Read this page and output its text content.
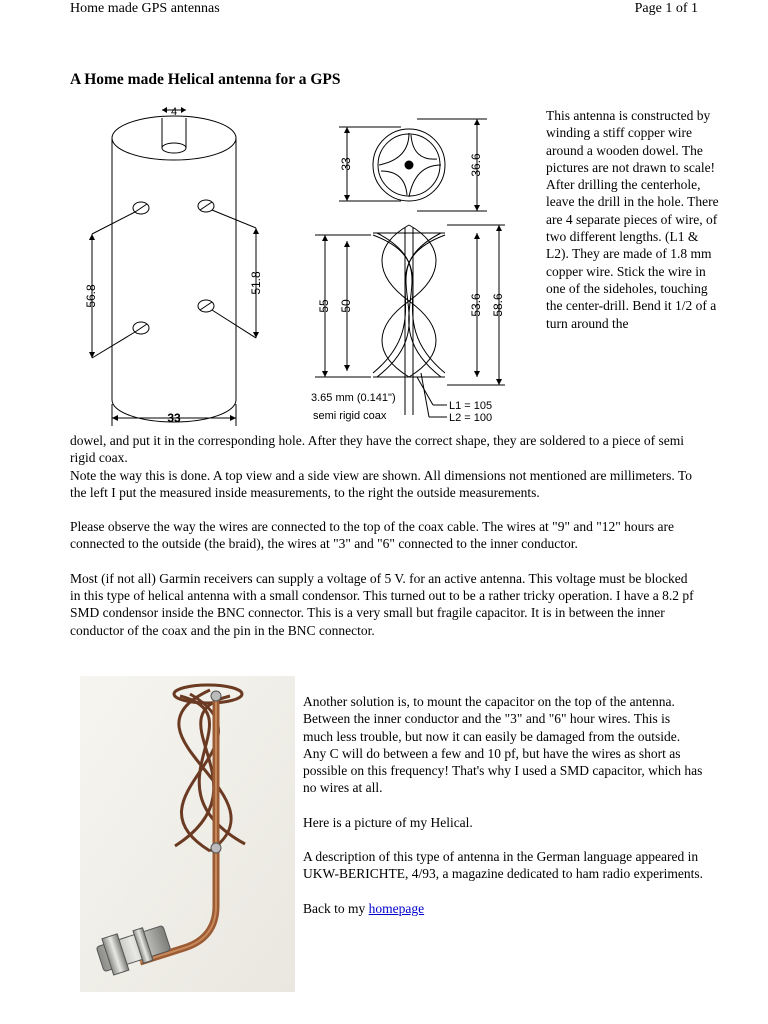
Home made GPS antennas	Page 1 of 1
A Home made Helical antenna for a GPS
4
56.8
51.8
33
33	36.6
55 50	53.6 58.6
3.65 mm (0.141")
semi rigid coax
L1 = 105
L2 = 100

This antenna is constructed by winding a stiff copper wire around a wooden dowel. The pictures are not drawn to scale! After drilling the centerhole, leave the drill in the hole. There are 4 separate pieces of wire, of two different lengths. (L1 & L2). They are made of 1.8 mm copper wire. Stick the wire in one of the sideholes, touching the center-drill. Bend it 1/2 of a turn around the

dowel, and put it in the corresponding hole. After they have the correct shape, they are soldered to a piece of semi rigid coax.

Note the way this is done. A top view and a side view are shown. All dimensions not mentioned are millimeters. To the left I put the measured inside measurements, to the right the outside measurements.

Please observe the way the wires are connected to the top of the coax cable. The wires at "9" and "12" hours are connected to the outside (the braid), the wires at "3" and "6" connected to the inner conductor.

Most (if not all) Garmin receivers can supply a voltage of 5 V. for an active antenna. This voltage must be blocked in this type of helical antenna with a small condensor. This turned out to be a rather tricky operation. I have a 8.2 pf SMD condensor inside the BNC connector. This is a very small but fragile capacitor. It is in between the inner conductor of the coax and the pin in the BNC connector.

Another solution is, to mount the capacitor on the top of the antenna. Between the inner conductor and the "3" and "6" hour wires. This is much less trouble, but now it can easily be damaged from the outside. Any C will do between a few and 10 pf, but have the wires as short as possible on this frequency! That's why I used a SMD capacitor, which has no wires at all.

Here is a picture of my Helical.

A description of this type of antenna in the German language appeared in UKW-BERICHTE, 4/93, a magazine dedicated to ham radio experiments.

Back to my homepage
